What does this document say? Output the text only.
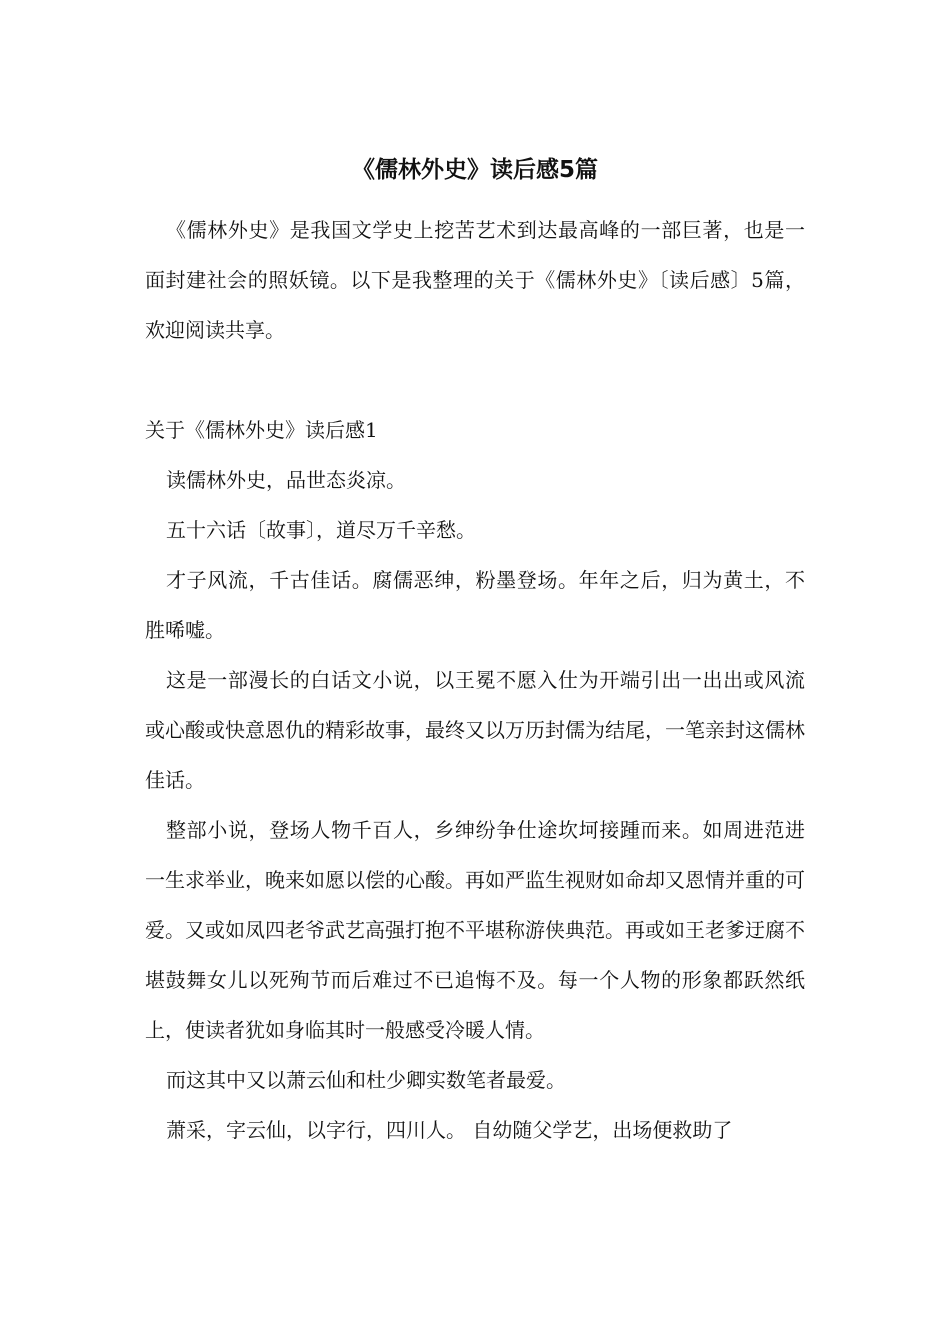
《儒林外史》读后感5篇

《儒林外史》是我国文学史上挖苦艺术到达最高峰的一部巨著，也是一面封建社会的照妖镜。以下是我整理的关于《儒林外史》〔读后感〕5篇，欢迎阅读共享。

关于《儒林外史》读后感1

读儒林外史，品世态炎凉。

五十六话〔故事〕，道尽万千辛愁。

才子风流，千古佳话。腐儒恶绅，粉墨登场。年年之后，归为黄土，不胜唏嘘。

这是一部漫长的白话文小说，以王冕不愿入仕为开端引出一出出或风流或心酸或快意恩仇的精彩故事，最终又以万历封儒为结尾，一笔亲封这儒林佳话。

整部小说，登场人物千百人，乡绅纷争仕途坎坷接踵而来。如周进范进一生求举业，晚来如愿以偿的心酸。再如严监生视财如命却又恩情并重的可爱。又或如凤四老爷武艺高强打抱不平堪称游侠典范。再或如王老爹迂腐不堪鼓舞女儿以死殉节而后难过不已追悔不及。每一个人物的形象都跃然纸上，使读者犹如身临其时一般感受冷暖人情。

而这其中又以萧云仙和杜少卿实数笔者最爱。

萧采，字云仙，以字行，四川人。 自幼随父学艺，出场便救助了
